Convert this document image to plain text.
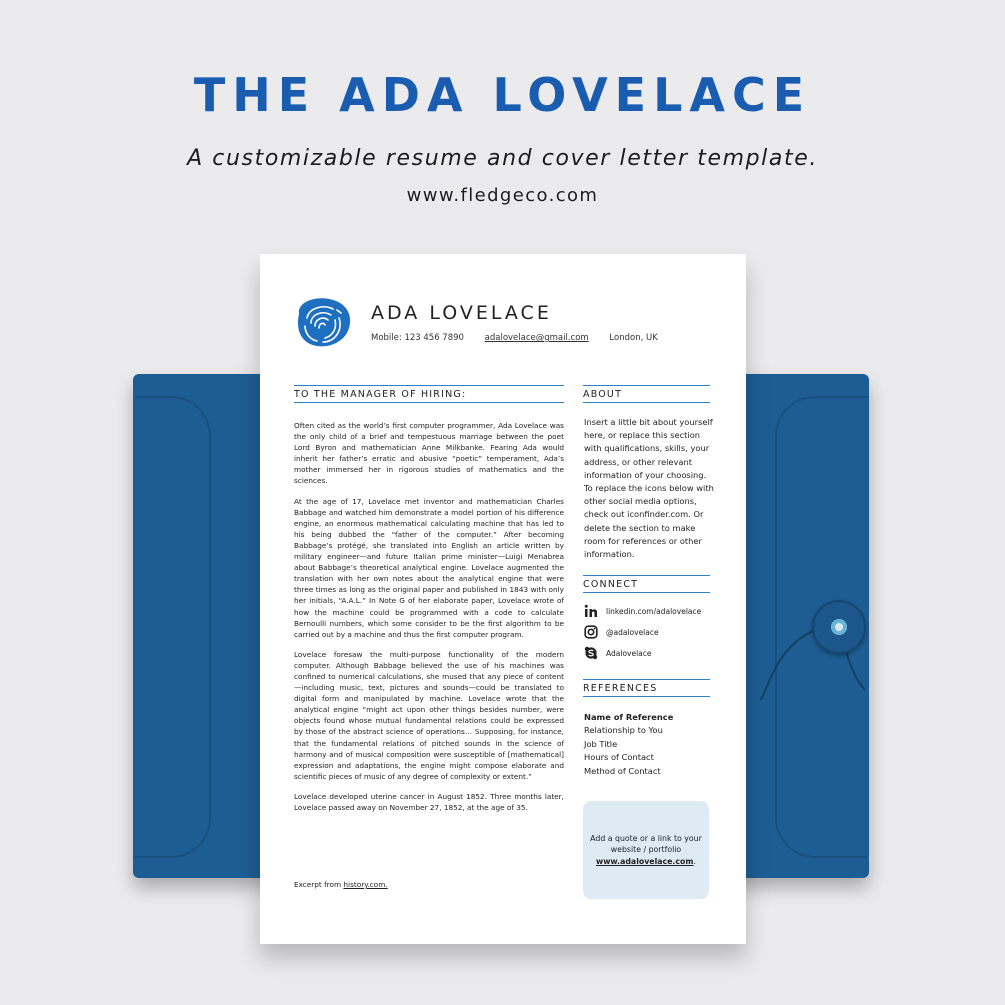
THE ADA LOVELACE

A customizable resume and cover letter template.

www.fledgeco.com

ADA LOVELACE
Mobile: 123 456 7890 adalovelace@gmail.com London, UK
TO THE MANAGER OF HIRING:

Often cited as the world’s first computer programmer, Ada Lovelace was the only child of a brief and tempestuous marriage between the poet Lord Byron and mathematician Anne Milkbanke. Fearing Ada would inherit her father’s erratic and abusive “poetic” temperament, Ada’s mother immersed her in rigorous studies of mathematics and the sciences.

At the age of 17, Lovelace met inventor and mathematician Charles Babbage and watched him demonstrate a model portion of his difference engine, an enormous mathematical calculating machine that has led to his being dubbed the “father of the computer.” After becoming Babbage’s protégé, she translated into English an article written by military engineer—and future Italian prime minister—Luigi Menabrea about Babbage’s theoretical analytical engine. Lovelace augmented the translation with her own notes about the analytical engine that were three times as long as the original paper and published in 1843 with only her initials, “A.A.L.” In Note G of her elaborate paper, Lovelace wrote of how the machine could be programmed with a code to calculate Bernoulli numbers, which some consider to be the first algorithm to be carried out by a machine and thus the first computer program.

Lovelace foresaw the multi-purpose functionality of the modern computer. Although Babbage believed the use of his machines was confined to numerical calculations, she mused that any piece of content—including music, text, pictures and sounds—could be translated to digital form and manipulated by machine. Lovelace wrote that the analytical engine “might act upon other things besides number, were objects found whose mutual fundamental relations could be expressed by those of the abstract science of operations… Supposing, for instance, that the fundamental relations of pitched sounds in the science of harmony and of musical composition were susceptible of [mathematical] expression and adaptations, the engine might compose elaborate and scientific pieces of music of any degree of complexity or extent.”

Lovelace developed uterine cancer in August 1852. Three months later, Lovelace passed away on November 27, 1852, at the age of 35.

Excerpt from history.com.
ABOUT
Insert a little bit about yourself here, or replace this section with qualifications, skills, your address, or other relevant information of your choosing. To replace the icons below with other social media options, check out iconfinder.com. Or delete the section to make room for references or other information.
CONNECT
linkedin.com/adalovelace
@adalovelace
Adalovelace
REFERENCES
Name of Reference
Relationship to You
Job Title
Hours of Contact
Method of Contact
Add a quote or a link to your
website / portfolio
www.adalovelace.com.
